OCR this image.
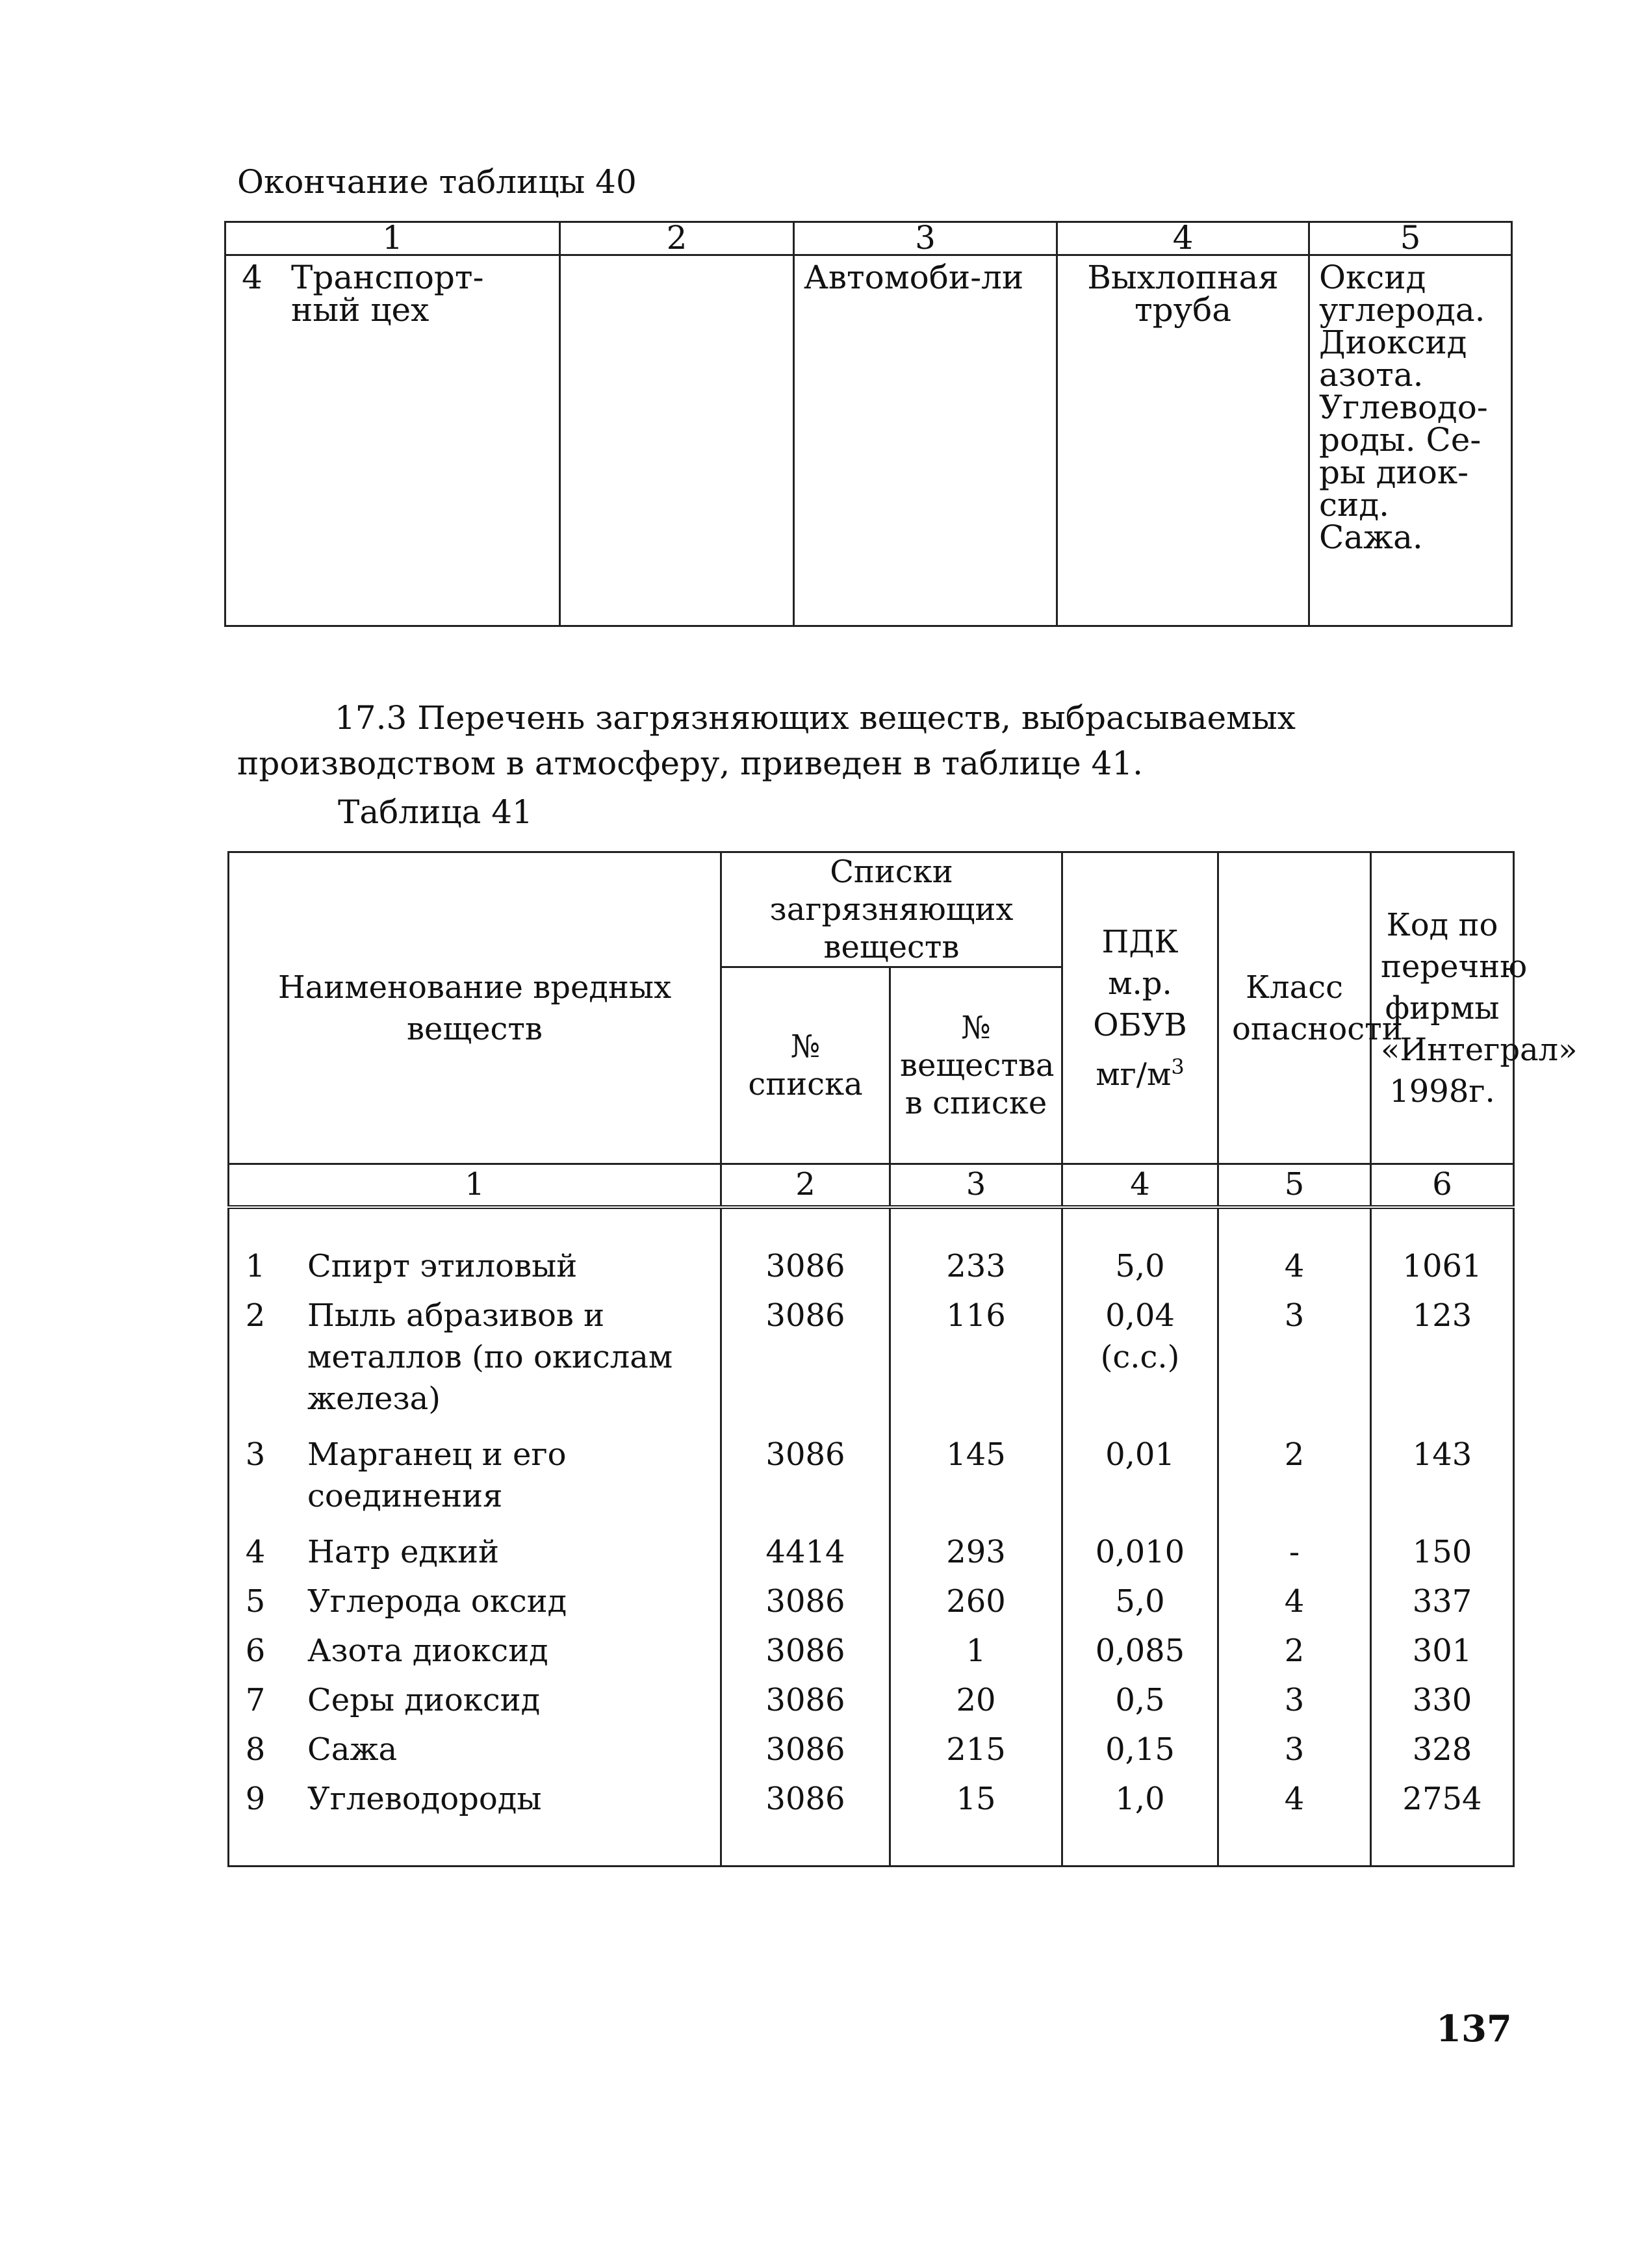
Окончание таблицы 40
1	2	3	4	5

4 Транспорт-ный цех		Автомоби-ли	Выхлопная труба	Оксид углерода. Диоксид азота. Углеводо-роды. Се-ры диок-сид. Сажа.
17.3 Перечень загрязняющих веществ, выбрасываемых производством в атмосферу, приведен в таблице 41.
Таблица 41
Наименование вредных веществ	Списки загрязняющих веществ		ПДК м.р. ОБУВ $мг/м^3$	Класс опасности	Код по перечню фирмы «Интеграл» 1998г.

	№ списка	№ вещества в списке			

1	2	3	4	5	6

1 Спирт этиловый	3086	233	5,0	4	1061

2 Пыль абразивов и металлов (по окислам железа)	3086	116	0,04 (с.с.)	3	123

3 Марганец и его соединения	3086	145	0,01	2	143

4 Натр едкий	4414	293	0,010	-	150

5 Углерода оксид	3086	260	5,0	4	337

6 Азота диоксид	3086	1	0,085	2	301

7 Серы диоксид	3086	20	0,5	3	330

8 Сажа	3086	215	0,15	3	328

9 Углеводороды	3086	15	1,0	4	2754

137
